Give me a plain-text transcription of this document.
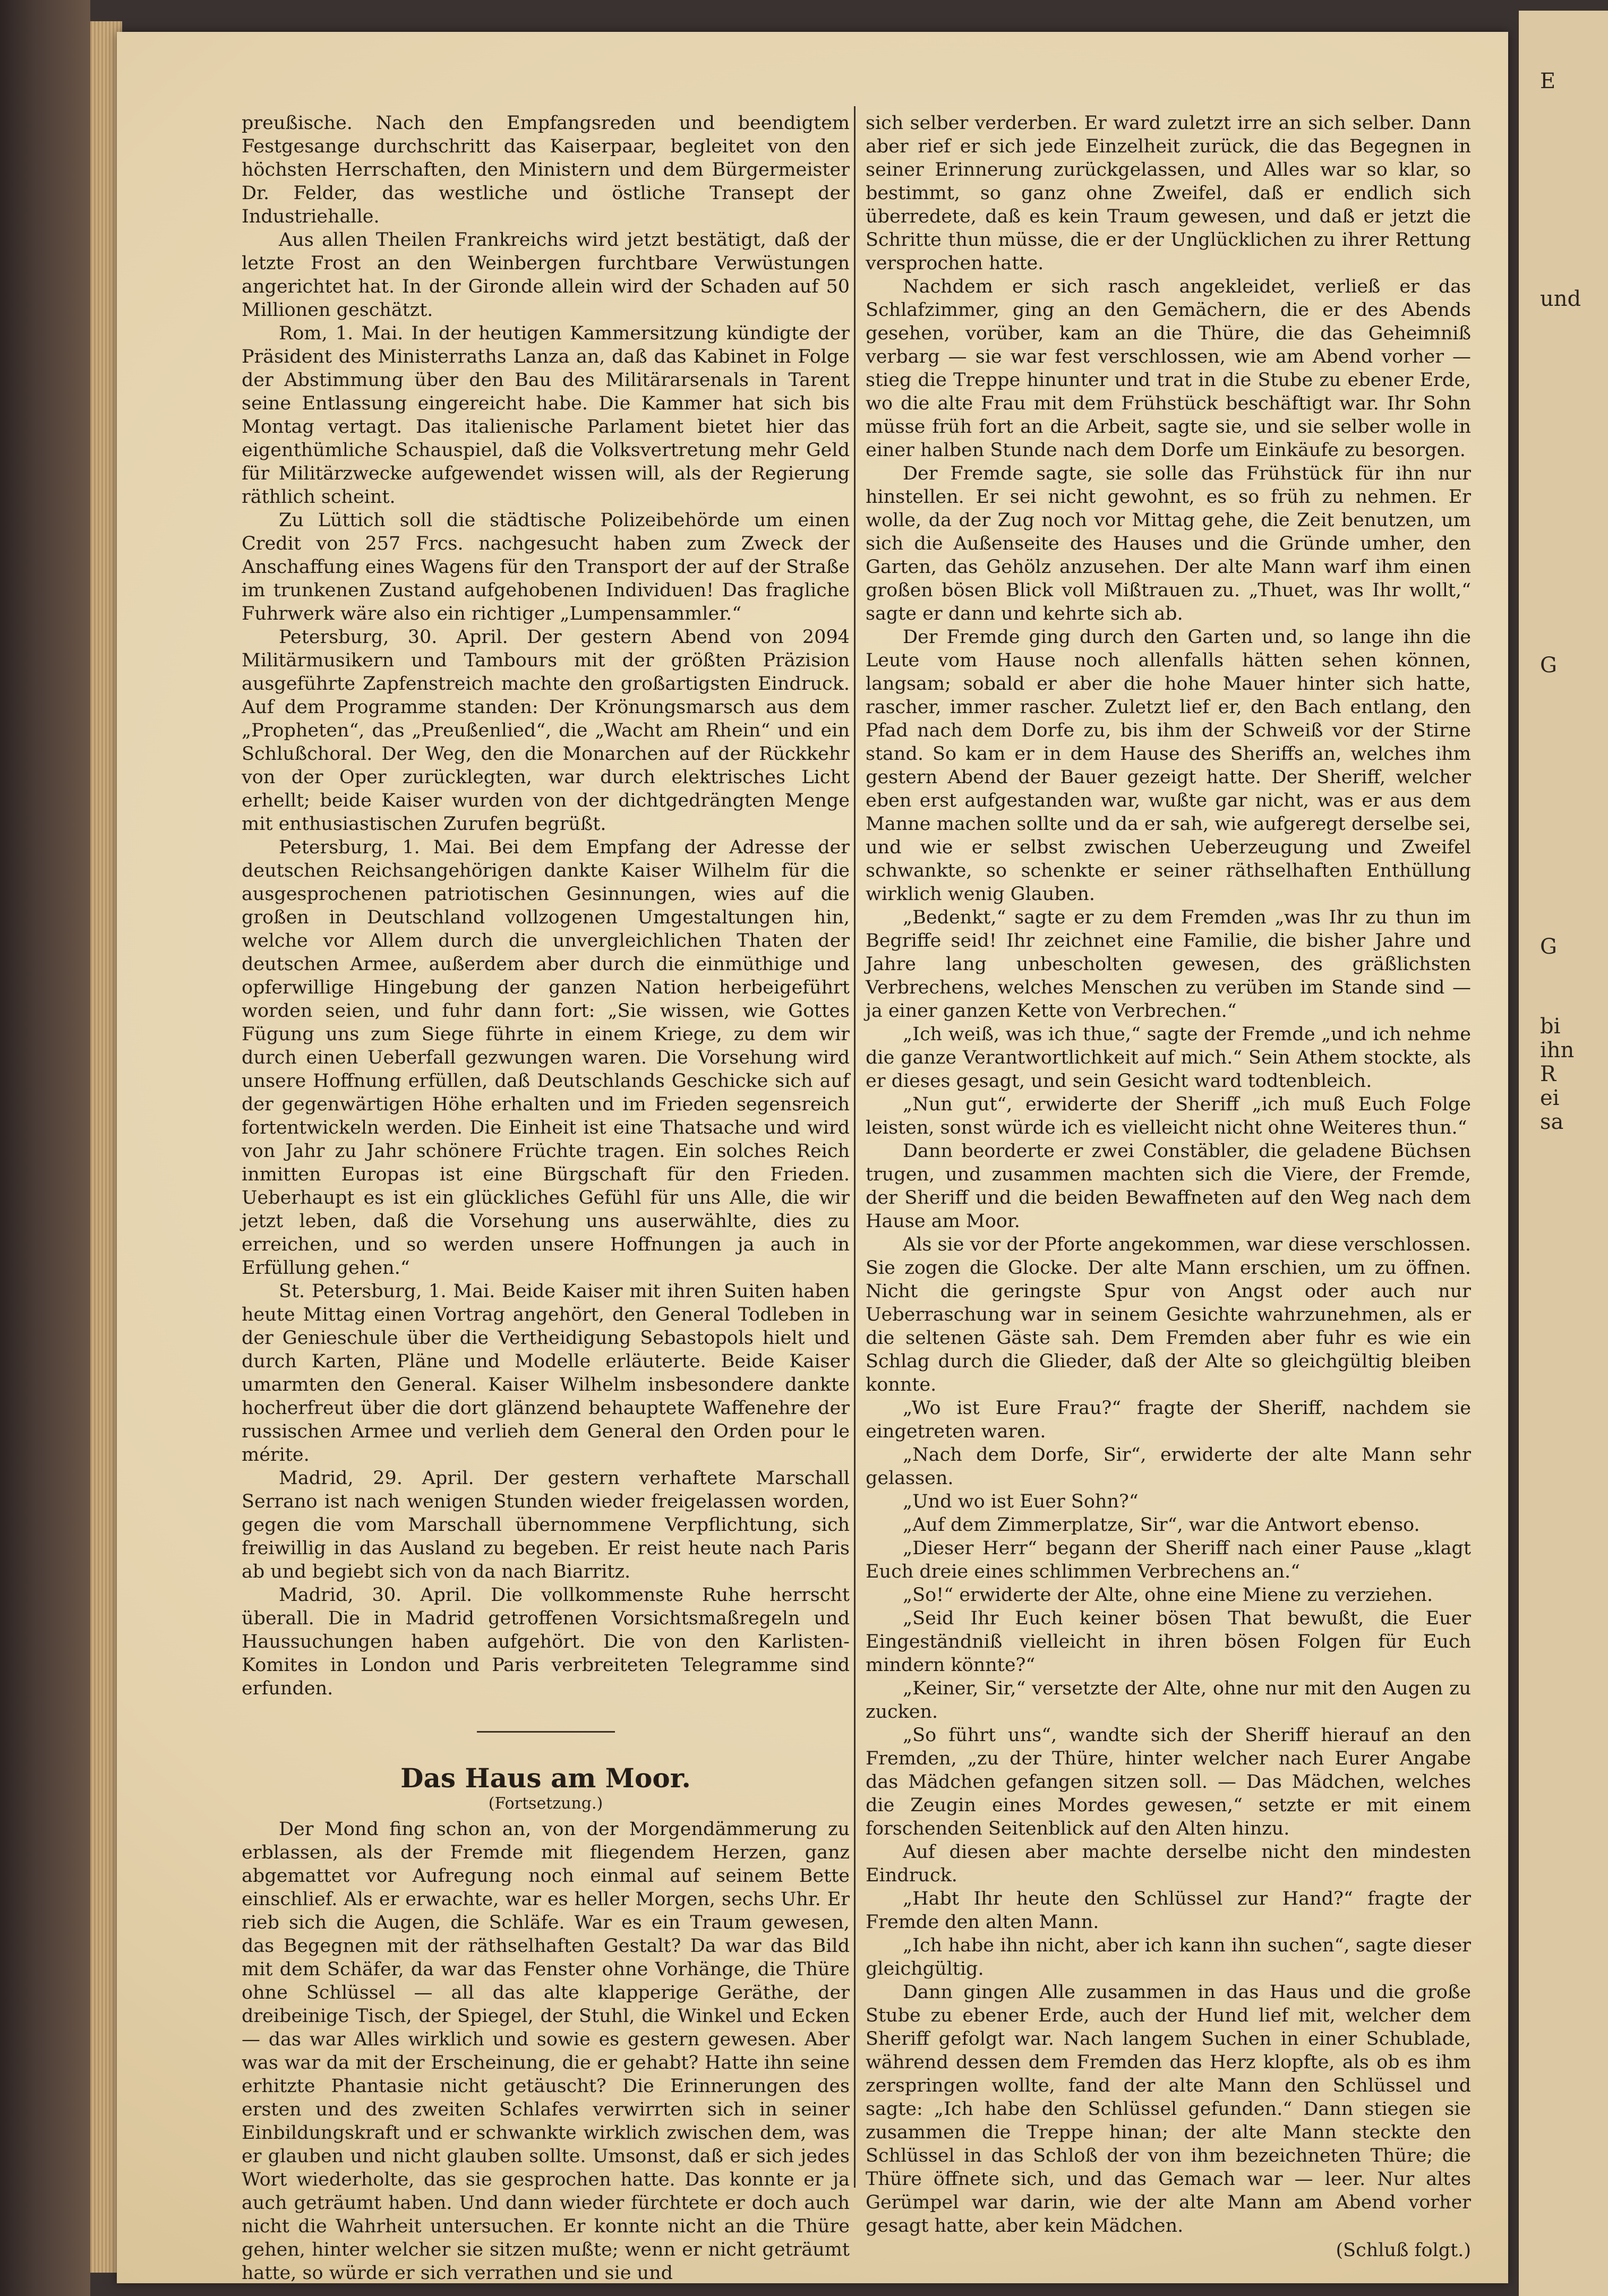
preußische. Nach den Empfangsreden und beendigtem Festgesange durchschritt das Kaiserpaar, begleitet von den höchsten Herrschaften, den Ministern und dem Bürgermeister Dr. Felder, das westliche und östliche Transept der Industriehalle.

Aus allen Theilen Frankreichs wird jetzt bestätigt, daß der letzte Frost an den Weinbergen furchtbare Verwüstungen angerichtet hat. In der Gironde allein wird der Schaden auf 50 Millionen geschätzt.

Rom, 1. Mai. In der heutigen Kammersitzung kündigte der Präsident des Ministerraths Lanza an, daß das Kabinet in Folge der Abstimmung über den Bau des Militärarsenals in Tarent seine Entlassung eingereicht habe. Die Kammer hat sich bis Montag vertagt. Das italienische Parlament bietet hier das eigenthümliche Schauspiel, daß die Volksvertretung mehr Geld für Militärzwecke aufgewendet wissen will, als der Regierung räthlich scheint.

Zu Lüttich soll die städtische Polizeibehörde um einen Credit von 257 Frcs. nachgesucht haben zum Zweck der Anschaffung eines Wagens für den Transport der auf der Straße im trunkenen Zustand aufgehobenen Individuen! Das fragliche Fuhrwerk wäre also ein richtiger „Lumpensammler.“

Petersburg, 30. April. Der gestern Abend von 2094 Militärmusikern und Tambours mit der größten Präzision ausgeführte Zapfenstreich machte den großartigsten Eindruck. Auf dem Programme standen: Der Krönungsmarsch aus dem „Propheten“, das „Preußenlied“, die „Wacht am Rhein“ und ein Schlußchoral. Der Weg, den die Monarchen auf der Rückkehr von der Oper zurücklegten, war durch elektrisches Licht erhellt; beide Kaiser wurden von der dichtgedrängten Menge mit enthusiastischen Zurufen begrüßt.

Petersburg, 1. Mai. Bei dem Empfang der Adresse der deutschen Reichsangehörigen dankte Kaiser Wilhelm für die ausgesprochenen patriotischen Gesinnungen, wies auf die großen in Deutschland vollzogenen Umgestaltungen hin, welche vor Allem durch die unvergleichlichen Thaten der deutschen Armee, außerdem aber durch die einmüthige und opferwillige Hingebung der ganzen Nation herbeigeführt worden seien, und fuhr dann fort: „Sie wissen, wie Gottes Fügung uns zum Siege führte in einem Kriege, zu dem wir durch einen Ueberfall gezwungen waren. Die Vorsehung wird unsere Hoffnung erfüllen, daß Deutschlands Geschicke sich auf der gegenwärtigen Höhe erhalten und im Frieden segensreich fortentwickeln werden. Die Einheit ist eine Thatsache und wird von Jahr zu Jahr schönere Früchte tragen. Ein solches Reich inmitten Europas ist eine Bürgschaft für den Frieden. Ueberhaupt es ist ein glückliches Gefühl für uns Alle, die wir jetzt leben, daß die Vorsehung uns auserwählte, dies zu erreichen, und so werden unsere Hoffnungen ja auch in Erfüllung gehen.“

St. Petersburg, 1. Mai. Beide Kaiser mit ihren Suiten haben heute Mittag einen Vortrag angehört, den General Todleben in der Genieschule über die Vertheidigung Sebastopols hielt und durch Karten, Pläne und Modelle erläuterte. Beide Kaiser umarmten den General. Kaiser Wilhelm insbesondere dankte hocherfreut über die dort glänzend behauptete Waffenehre der russischen Armee und verlieh dem General den Orden pour le mérite.

Madrid, 29. April. Der gestern verhaftete Marschall Serrano ist nach wenigen Stunden wieder freigelassen worden, gegen die vom Marschall übernommene Verpflichtung, sich freiwillig in das Ausland zu begeben. Er reist heute nach Paris ab und begiebt sich von da nach Biarritz.

Madrid, 30. April. Die vollkommenste Ruhe herrscht überall. Die in Madrid getroffenen Vorsichtsmaßregeln und Haussuchungen haben aufgehört. Die von den Karlisten-Komites in London und Paris verbreiteten Telegramme sind erfunden.

Das Haus am Moor.
(Fortsetzung.)

Der Mond fing schon an, von der Morgendämmerung zu erblassen, als der Fremde mit fliegendem Herzen, ganz abgemattet vor Aufregung noch einmal auf seinem Bette einschlief. Als er erwachte, war es heller Morgen, sechs Uhr. Er rieb sich die Augen, die Schläfe. War es ein Traum gewesen, das Begegnen mit der räthselhaften Gestalt? Da war das Bild mit dem Schäfer, da war das Fenster ohne Vorhänge, die Thüre ohne Schlüssel — all das alte klapperige Geräthe, der dreibeinige Tisch, der Spiegel, der Stuhl, die Winkel und Ecken — das war Alles wirklich und sowie es gestern gewesen. Aber was war da mit der Erscheinung, die er gehabt? Hatte ihn seine erhitzte Phantasie nicht getäuscht? Die Erinnerungen des ersten und des zweiten Schlafes verwirrten sich in seiner Einbildungskraft und er schwankte wirklich zwischen dem, was er glauben und nicht glauben sollte. Umsonst, daß er sich jedes Wort wiederholte, das sie gesprochen hatte. Das konnte er ja auch geträumt haben. Und dann wieder fürchtete er doch auch nicht die Wahrheit untersuchen. Er konnte nicht an die Thüre gehen, hinter welcher sie sitzen mußte; wenn er nicht geträumt hatte, so würde er sich verrathen und sie und

sich selber verderben. Er ward zuletzt irre an sich selber. Dann aber rief er sich jede Einzelheit zurück, die das Begegnen in seiner Erinnerung zurückgelassen, und Alles war so klar, so bestimmt, so ganz ohne Zweifel, daß er endlich sich überredete, daß es kein Traum gewesen, und daß er jetzt die Schritte thun müsse, die er der Unglücklichen zu ihrer Rettung versprochen hatte.

Nachdem er sich rasch angekleidet, verließ er das Schlafzimmer, ging an den Gemächern, die er des Abends gesehen, vorüber, kam an die Thüre, die das Geheimniß verbarg — sie war fest verschlossen, wie am Abend vorher — stieg die Treppe hinunter und trat in die Stube zu ebener Erde, wo die alte Frau mit dem Frühstück beschäftigt war. Ihr Sohn müsse früh fort an die Arbeit, sagte sie, und sie selber wolle in einer halben Stunde nach dem Dorfe um Einkäufe zu besorgen.

Der Fremde sagte, sie solle das Frühstück für ihn nur hinstellen. Er sei nicht gewohnt, es so früh zu nehmen. Er wolle, da der Zug noch vor Mittag gehe, die Zeit benutzen, um sich die Außenseite des Hauses und die Gründe umher, den Garten, das Gehölz anzusehen. Der alte Mann warf ihm einen großen bösen Blick voll Mißtrauen zu. „Thuet, was Ihr wollt,“ sagte er dann und kehrte sich ab.

Der Fremde ging durch den Garten und, so lange ihn die Leute vom Hause noch allenfalls hätten sehen können, langsam; sobald er aber die hohe Mauer hinter sich hatte, rascher, immer rascher. Zuletzt lief er, den Bach entlang, den Pfad nach dem Dorfe zu, bis ihm der Schweiß vor der Stirne stand. So kam er in dem Hause des Sheriffs an, welches ihm gestern Abend der Bauer gezeigt hatte. Der Sheriff, welcher eben erst aufgestanden war, wußte gar nicht, was er aus dem Manne machen sollte und da er sah, wie aufgeregt derselbe sei, und wie er selbst zwischen Ueberzeugung und Zweifel schwankte, so schenkte er seiner räthselhaften Enthüllung wirklich wenig Glauben.

„Bedenkt,“ sagte er zu dem Fremden „was Ihr zu thun im Begriffe seid! Ihr zeichnet eine Familie, die bisher Jahre und Jahre lang unbescholten gewesen, des gräßlichsten Verbrechens, welches Menschen zu verüben im Stande sind — ja einer ganzen Kette von Verbrechen.“

„Ich weiß, was ich thue,“ sagte der Fremde „und ich nehme die ganze Verantwortlichkeit auf mich.“ Sein Athem stockte, als er dieses gesagt, und sein Gesicht ward todtenbleich.

„Nun gut“, erwiderte der Sheriff „ich muß Euch Folge leisten, sonst würde ich es vielleicht nicht ohne Weiteres thun.“

Dann beorderte er zwei Constäbler, die geladene Büchsen trugen, und zusammen machten sich die Viere, der Fremde, der Sheriff und die beiden Bewaffneten auf den Weg nach dem Hause am Moor.

Als sie vor der Pforte angekommen, war diese verschlossen. Sie zogen die Glocke. Der alte Mann erschien, um zu öffnen. Nicht die geringste Spur von Angst oder auch nur Ueberraschung war in seinem Gesichte wahrzunehmen, als er die seltenen Gäste sah. Dem Fremden aber fuhr es wie ein Schlag durch die Glieder, daß der Alte so gleichgültig bleiben konnte.

„Wo ist Eure Frau?“ fragte der Sheriff, nachdem sie eingetreten waren.

„Nach dem Dorfe, Sir“, erwiderte der alte Mann sehr gelassen.

„Und wo ist Euer Sohn?“

„Auf dem Zimmerplatze, Sir“, war die Antwort ebenso.

„Dieser Herr“ begann der Sheriff nach einer Pause „klagt Euch dreie eines schlimmen Verbrechens an.“

„So!“ erwiderte der Alte, ohne eine Miene zu verziehen.

„Seid Ihr Euch keiner bösen That bewußt, die Euer Eingeständniß vielleicht in ihren bösen Folgen für Euch mindern könnte?“

„Keiner, Sir,“ versetzte der Alte, ohne nur mit den Augen zu zucken.

„So führt uns“, wandte sich der Sheriff hierauf an den Fremden, „zu der Thüre, hinter welcher nach Eurer Angabe das Mädchen gefangen sitzen soll. — Das Mädchen, welches die Zeugin eines Mordes gewesen,“ setzte er mit einem forschenden Seitenblick auf den Alten hinzu.

Auf diesen aber machte derselbe nicht den mindesten Eindruck.

„Habt Ihr heute den Schlüssel zur Hand?“ fragte der Fremde den alten Mann.

„Ich habe ihn nicht, aber ich kann ihn suchen“, sagte dieser gleichgültig.

Dann gingen Alle zusammen in das Haus und die große Stube zu ebener Erde, auch der Hund lief mit, welcher dem Sheriff gefolgt war. Nach langem Suchen in einer Schublade, während dessen dem Fremden das Herz klopfte, als ob es ihm zerspringen wollte, fand der alte Mann den Schlüssel und sagte: „Ich habe den Schlüssel gefunden.“ Dann stiegen sie zusammen die Treppe hinan; der alte Mann steckte den Schlüssel in das Schloß der von ihm bezeichneten Thüre; die Thüre öffnete sich, und das Gemach war — leer. Nur altes Gerümpel war darin, wie der alte Mann am Abend vorher gesagt hatte, aber kein Mädchen.

(Schluß folgt.)
E
und
G
G
bi
ihn
R
ei
sa
